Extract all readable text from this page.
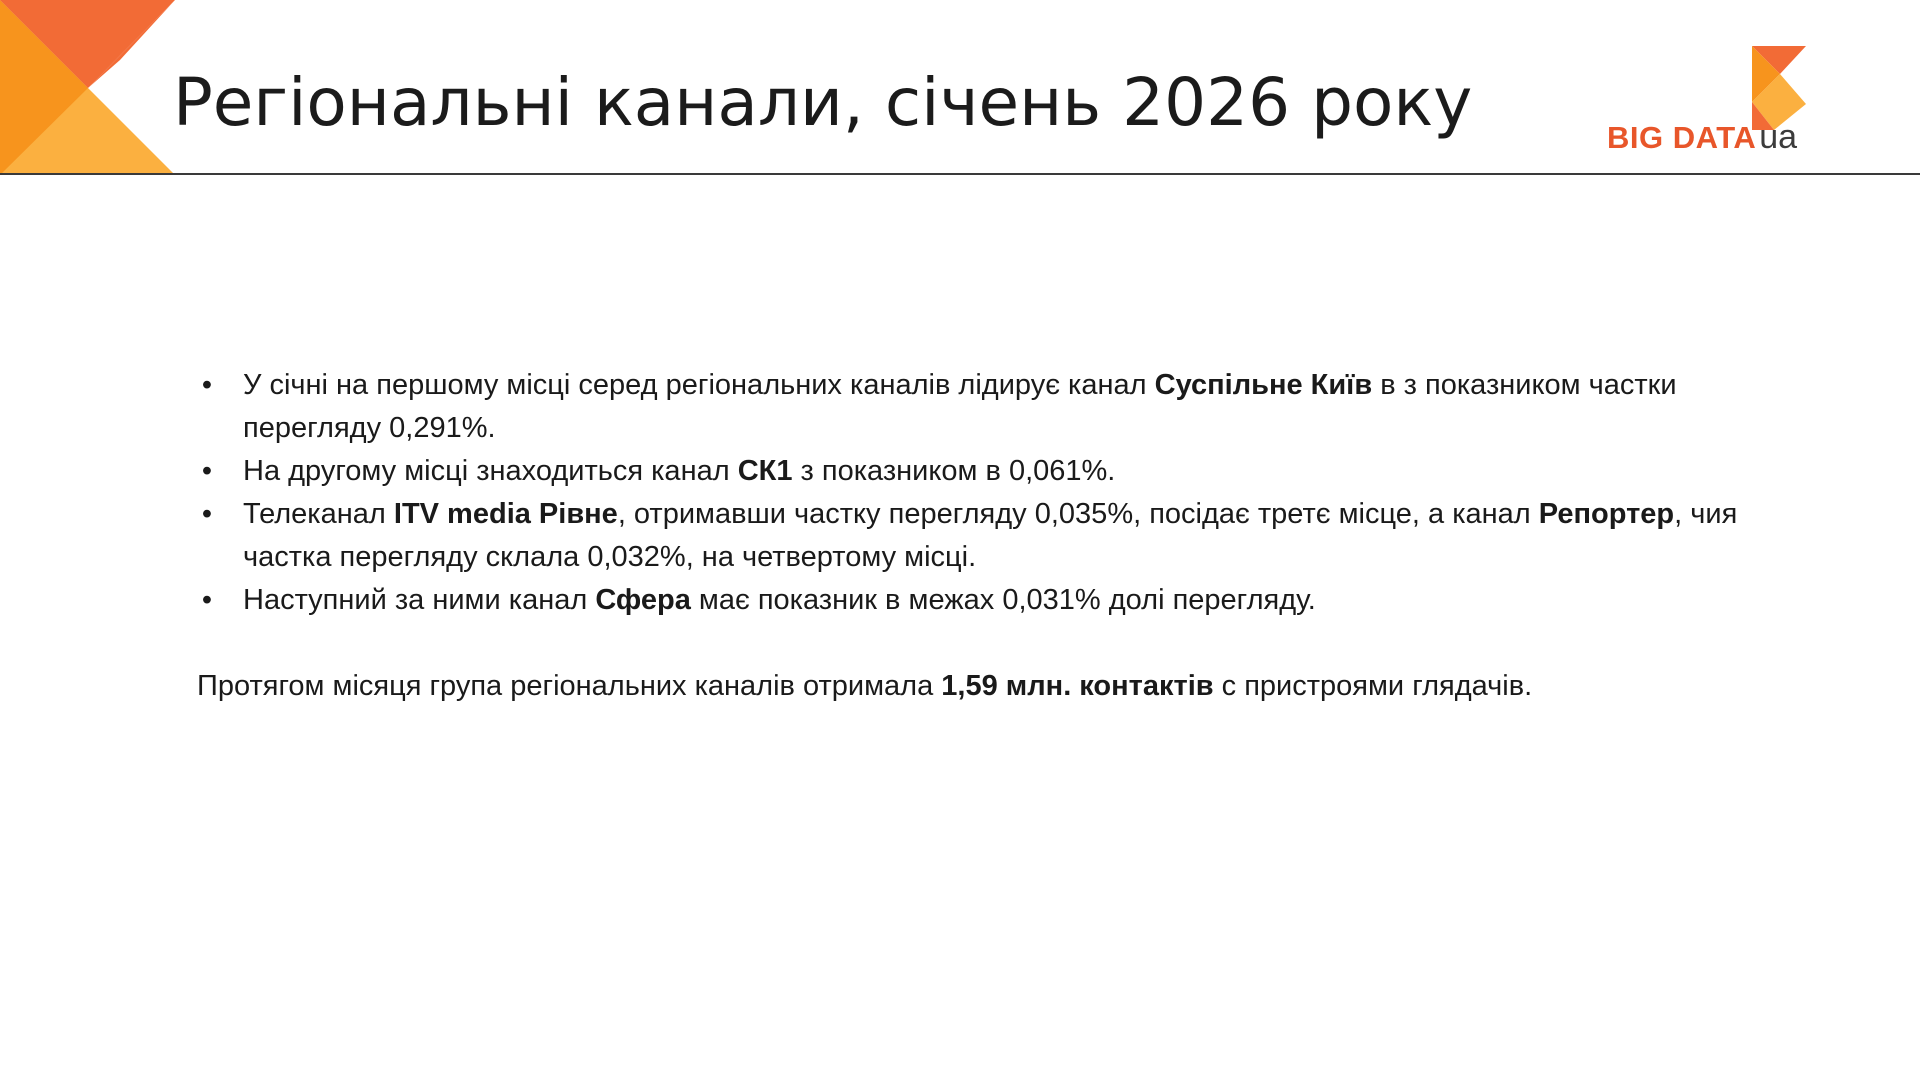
Регіональні канали, січень 2026 року	BIG DATAua
• У січні на першому місці серед регіональних каналів лідирує канал Суспільне Київ в з показником частки перегляду 0,291%.
• На другому місці знаходиться канал СК1 з показником в 0,061%.
• Телеканал ITV media Рівне, отримавши частку перегляду 0,035%, посідає третє місце, а канал Репортер, чия частка перегляду склала 0,032%, на четвертому місці.
• Наступний за ними канал Сфера має показник в межах 0,031% долі перегляду.

Протягом місяця група регіональних каналів отримала 1,59 млн. контактів с пристроями глядачів.
